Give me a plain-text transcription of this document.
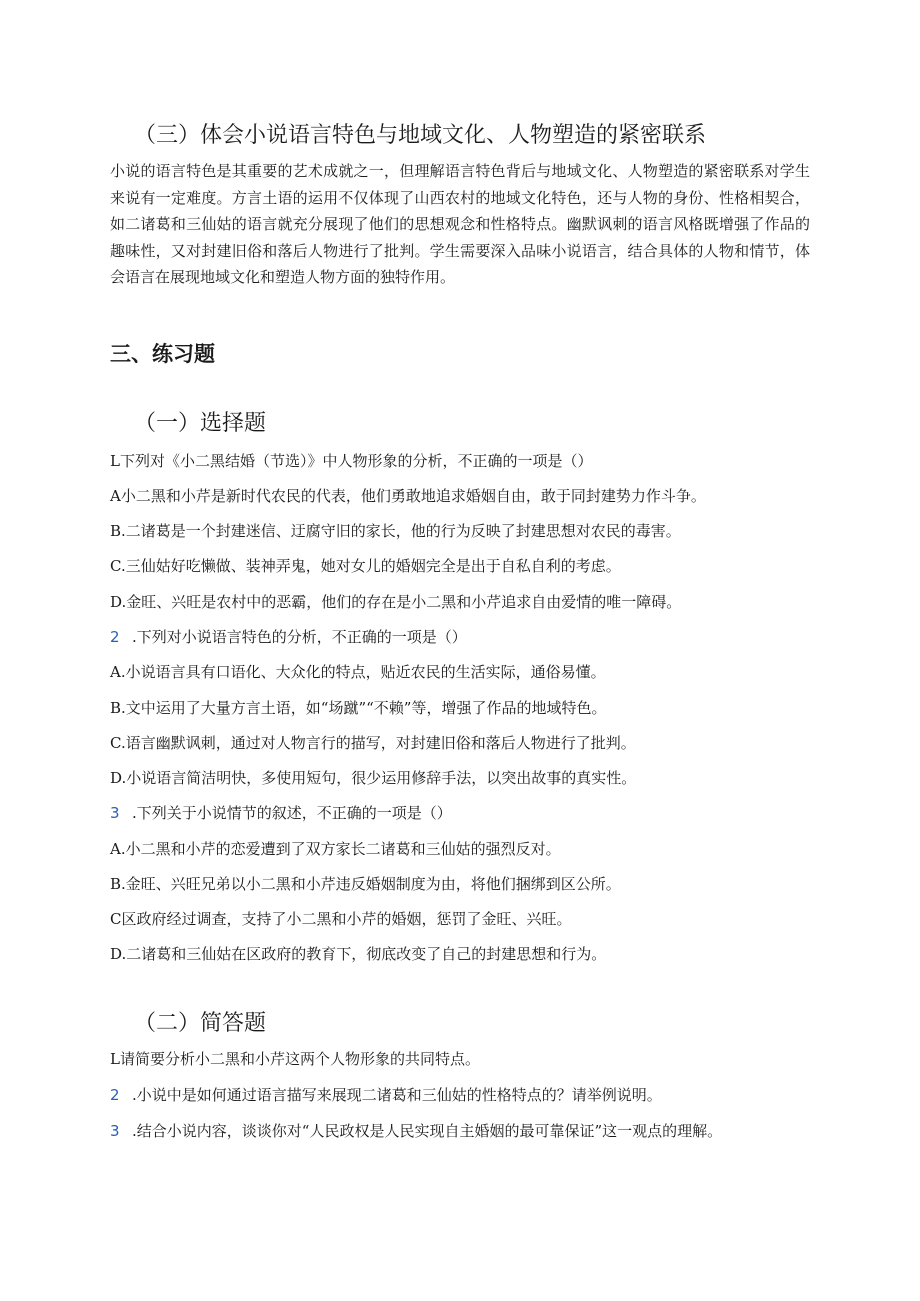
（三）体会小说语言特色与地域文化、人物塑造的紧密联系

小说的语言特色是其重要的艺术成就之一，但理解语言特色背后与地域文化、人物塑造的紧密联系对学生来说有一定难度。方言土语的运用不仅体现了山西农村的地域文化特色，还与人物的身份、性格相契合，如二诸葛和三仙姑的语言就充分展现了他们的思想观念和性格特点。幽默讽刺的语言风格既增强了作品的趣味性，又对封建旧俗和落后人物进行了批判。学生需要深入品味小说语言，结合具体的人物和情节，体会语言在展现地域文化和塑造人物方面的独特作用。

三、练习题
（一）选择题

L下列对《小二黑结婚（节选）》中人物形象的分析，不正确的一项是（）

A小二黑和小芹是新时代农民的代表，他们勇敢地追求婚姻自由，敢于同封建势力作斗争。

B.二诸葛是一个封建迷信、迂腐守旧的家长，他的行为反映了封建思想对农民的毒害。

C.三仙姑好吃懒做、装神弄鬼，她对女儿的婚姻完全是出于自私自利的考虑。

D.金旺、兴旺是农村中的恶霸，他们的存在是小二黑和小芹追求自由爱情的唯一障碍。

2 .下列对小说语言特色的分析，不正确的一项是（）

A.小说语言具有口语化、大众化的特点，贴近农民的生活实际，通俗易懂。

B.文中运用了大量方言土语，如“场蹴”“不赖”等，增强了作品的地域特色。

C.语言幽默讽刺，通过对人物言行的描写，对封建旧俗和落后人物进行了批判。

D.小说语言简洁明快，多使用短句，很少运用修辞手法，以突出故事的真实性。

3 .下列关于小说情节的叙述，不正确的一项是（）

A.小二黑和小芹的恋爱遭到了双方家长二诸葛和三仙姑的强烈反对。

B.金旺、兴旺兄弟以小二黑和小芹违反婚姻制度为由，将他们捆绑到区公所。

C区政府经过调查，支持了小二黑和小芹的婚姻，惩罚了金旺、兴旺。

D.二诸葛和三仙姑在区政府的教育下，彻底改变了自己的封建思想和行为。

（二）简答题

L请简要分析小二黑和小芹这两个人物形象的共同特点。

2 .小说中是如何通过语言描写来展现二诸葛和三仙姑的性格特点的？请举例说明。

3 .结合小说内容，谈谈你对“人民政权是人民实现自主婚姻的最可靠保证”这一观点的理解。
